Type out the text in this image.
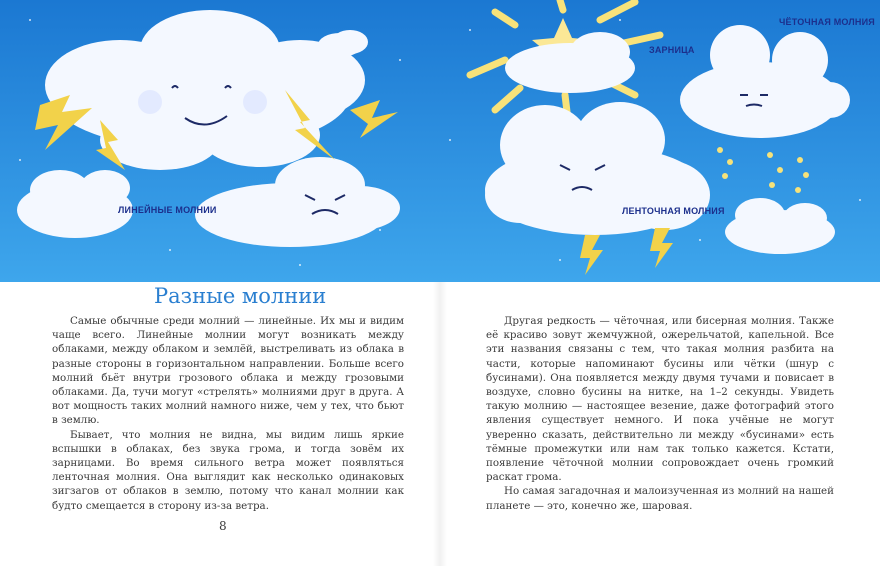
ЛИНЕЙНЫЕ МОЛНИИ
ЗАРНИЦА
ЧЁТОЧНАЯ МОЛНИЯ
ЛЕНТОЧНАЯ МОЛНИЯ
Разные молнии

Самые обычные среди молний — линейные. Их мы и видим чаще всего. Линейные молнии могут возникать между облаками, между облаком и землёй, выстреливать из облака в разные стороны в горизонтальном направлении. Больше всего молний бьёт внутри грозового облака и между грозовыми облаками. Да, тучи могут «стрелять» молниями друг в друга. А вот мощность таких молний намного ниже, чем у тех, что бьют в землю.

Бывает, что молния не видна, мы видим лишь яркие вспышки в облаках, без звука грома, и тогда зовём их зарницами. Во время сильного ветра может появляться ленточная молния. Она выглядит как несколько одинаковых зигзагов от облаков в землю, потому что канал молнии как будто смещается в сторону из-за ветра.

Другая редкость — чёточная, или бисерная молния. Также её красиво зовут жемчужной, ожерельчатой, капельной. Все эти названия связаны с тем, что такая молния разбита на части, которые напоминают бусины или чётки (шнур с бусинами). Она появляется между двумя тучами и повисает в воздухе, словно бусины на нитке, на 1–2 секунды. Увидеть такую молнию — настоящее везение, даже фотографий этого явления существует немного. И пока учёные не могут уверенно сказать, действительно ли между «бусинами» есть тёмные промежутки или нам так только кажется. Кстати, появление чёточной молнии сопровождает очень громкий раскат грома.

Но самая загадочная и малоизученная из молний на нашей планете — это, конечно же, шаровая.

8
